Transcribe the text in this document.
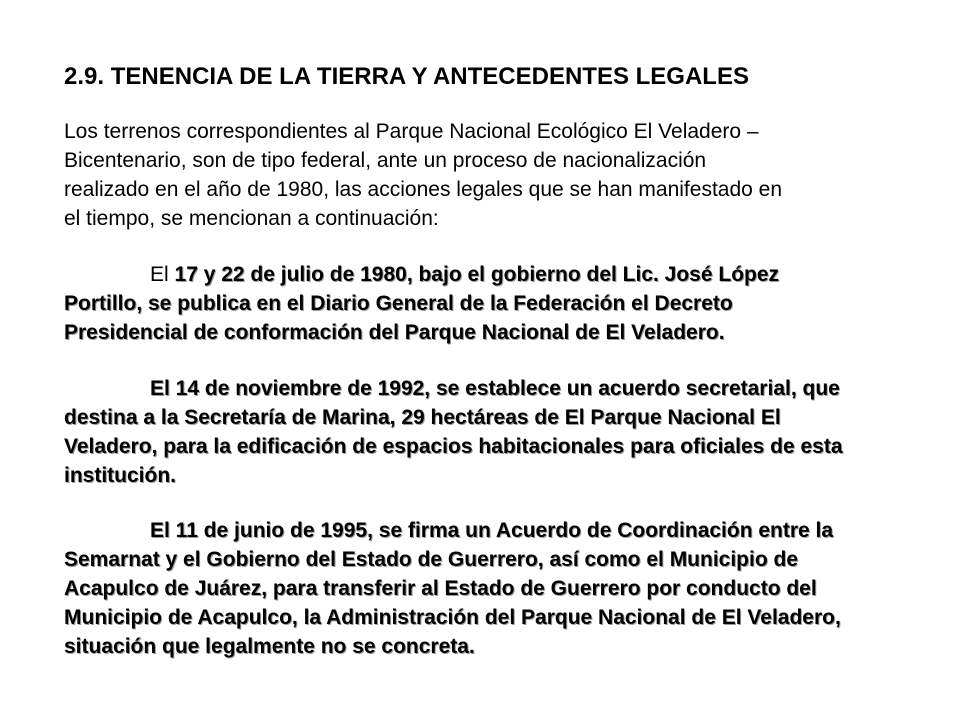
2.9. TENENCIA DE LA TIERRA Y ANTECEDENTES LEGALES

Los terrenos correspondientes al Parque Nacional Ecológico El Veladero –
Bicentenario, son de tipo federal, ante un proceso de nacionalización
realizado en el año de 1980, las acciones legales que se han manifestado en
el tiempo, se mencionan a continuación:

El 17 y 22 de julio de 1980, bajo el gobierno del Lic. José López
Portillo, se publica en el Diario General de la Federación el Decreto
Presidencial de conformación del Parque Nacional de El Veladero.

El 14 de noviembre de 1992, se establece un acuerdo secretarial, que
destina a la Secretaría de Marina, 29 hectáreas de El Parque Nacional El
Veladero, para la edificación de espacios habitacionales para oficiales de esta
institución.

El 11 de junio de 1995, se firma un Acuerdo de Coordinación entre la
Semarnat y el Gobierno del Estado de Guerrero, así como el Municipio de
Acapulco de Juárez, para transferir al Estado de Guerrero por conducto del
Municipio de Acapulco, la Administración del Parque Nacional de El Veladero,
situación que legalmente no se concreta.
